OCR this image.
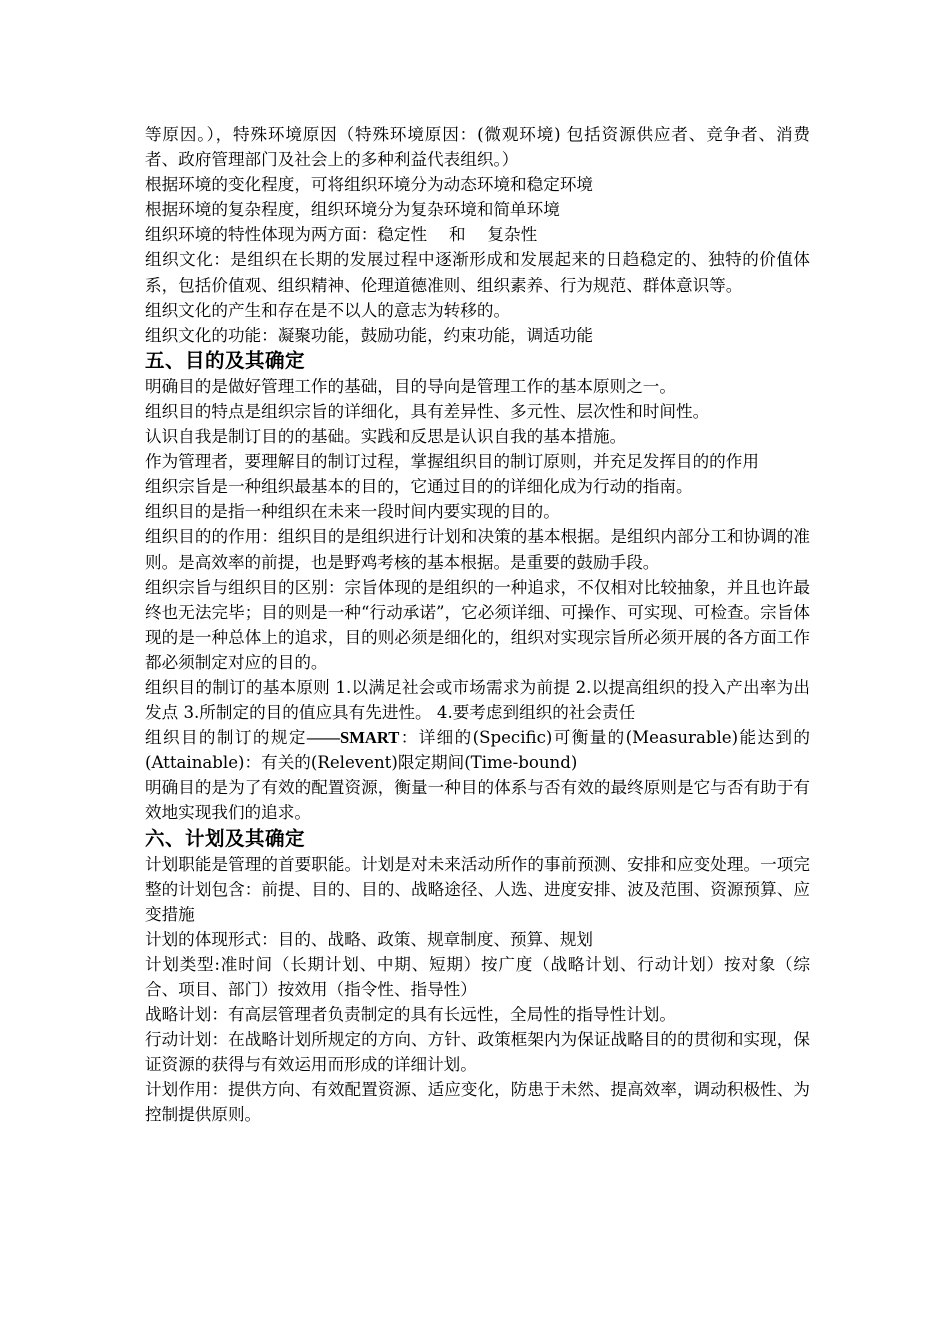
等原因。），特殊环境原因（特殊环境原因：(微观环境) 包括资源供应者、竞争者、消费者、政府管理部门及社会上的多种利益代表组织。）

根据环境的变化程度，可将组织环境分为动态环境和稳定环境

根据环境的复杂程度，组织环境分为复杂环境和简单环境

组织环境的特性体现为两方面：稳定性　 和　 复杂性

组织文化：是组织在长期的发展过程中逐渐形成和发展起来的日趋稳定的、独特的价值体系，包括价值观、组织精神、伦理道德准则、组织素养、行为规范、群体意识等。

组织文化的产生和存在是不以人的意志为转移的。

组织文化的功能：凝聚功能，鼓励功能，约束功能，调适功能

五、目的及其确定

明确目的是做好管理工作的基础，目的导向是管理工作的基本原则之一。

组织目的特点是组织宗旨的详细化，具有差异性、多元性、层次性和时间性。

认识自我是制订目的的基础。实践和反思是认识自我的基本措施。

作为管理者，要理解目的制订过程，掌握组织目的制订原则，并充足发挥目的的作用

组织宗旨是一种组织最基本的目的，它通过目的的详细化成为行动的指南。

组织目的是指一种组织在未来一段时间内要实现的目的。

组织目的的作用：组织目的是组织进行计划和决策的基本根据。是组织内部分工和协调的准则。是高效率的前提，也是野鸡考核的基本根据。是重要的鼓励手段。

组织宗旨与组织目的区别：宗旨体现的是组织的一种追求，不仅相对比较抽象，并且也许最终也无法完毕；目的则是一种“行动承诺”，它必须详细、可操作、可实现、可检查。宗旨体现的是一种总体上的追求，目的则必须是细化的，组织对实现宗旨所必须开展的各方面工作都必须制定对应的目的。

组织目的制订的基本原则 1.以满足社会或市场需求为前提 2.以提高组织的投入产出率为出发点 3.所制定的目的值应具有先进性。 4.要考虑到组织的社会责任

组织目的制订的规定——SMART：详细的(Specific)可衡量的(Measurable)能达到的(Attainable)：有关的(Relevent)限定期间(Time-bound)

明确目的是为了有效的配置资源，衡量一种目的体系与否有效的最终原则是它与否有助于有效地实现我们的追求。

六、计划及其确定

计划职能是管理的首要职能。计划是对未来活动所作的事前预测、安排和应变处理。一项完整的计划包含：前提、目的、目的、战略途径、人选、进度安排、波及范围、资源预算、应变措施

计划的体现形式：目的、战略、政策、规章制度、预算、规划

计划类型:准时间（长期计划、中期、短期）按广度（战略计划、行动计划）按对象（综合、项目、部门）按效用（指令性、指导性）

战略计划：有高层管理者负责制定的具有长远性，全局性的指导性计划。

行动计划：在战略计划所规定的方向、方针、政策框架内为保证战略目的的贯彻和实现，保证资源的获得与有效运用而形成的详细计划。

计划作用：提供方向、有效配置资源、适应变化，防患于未然、提高效率，调动积极性、为控制提供原则。
